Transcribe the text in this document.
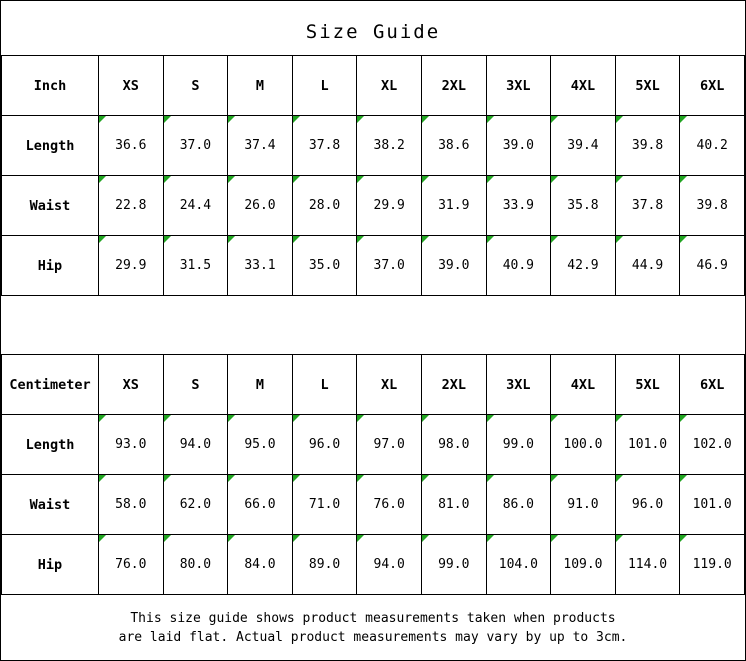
Size Guide
Inch	XS	S	M	L	XL	2XL	3XL	4XL	5XL	6XL
Length	36.6	37.0	37.4	37.8	38.2	38.6	39.0	39.4	39.8	40.2
Waist	22.8	24.4	26.0	28.0	29.9	31.9	33.9	35.8	37.8	39.8
Hip	29.9	31.5	33.1	35.0	37.0	39.0	40.9	42.9	44.9	46.9
Centimeter	XS	S	M	L	XL	2XL	3XL	4XL	5XL	6XL
Length	93.0	94.0	95.0	96.0	97.0	98.0	99.0	100.0	101.0	102.0
Waist	58.0	62.0	66.0	71.0	76.0	81.0	86.0	91.0	96.0	101.0
Hip	76.0	80.0	84.0	89.0	94.0	99.0	104.0	109.0	114.0	119.0
This size guide shows product measurements taken when products
are laid flat. Actual product measurements may vary by up to 3cm.
